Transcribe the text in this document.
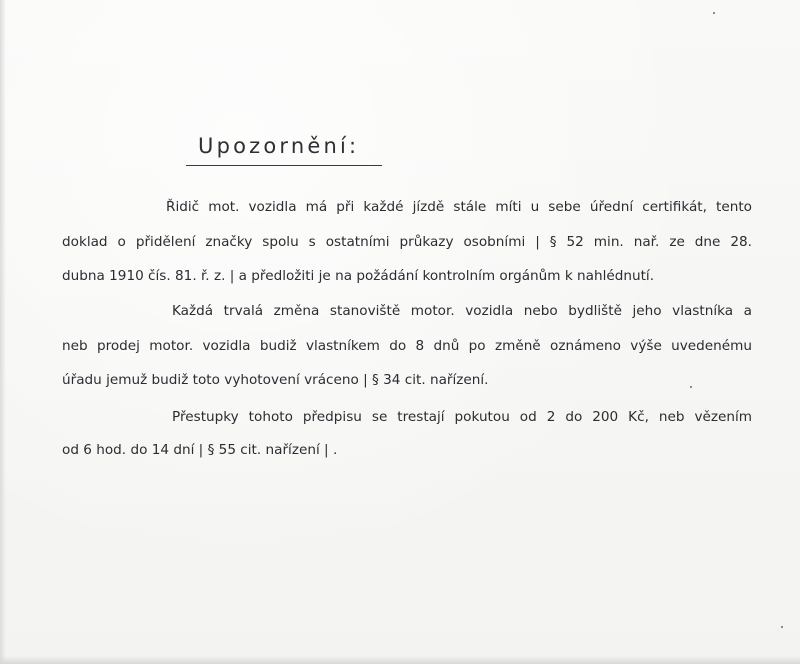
Upozornění:
Řidič mot. vozidla má při každé jízdě stále míti u sebe úřední certifikát, tento
doklad o přidělení značky spolu s ostatními průkazy osobními | § 52 min. nař. ze dne 28.
dubna 1910 čís. 81. ř. z. | a předložiti je na požádání kontrolním orgánům k nahlédnutí.
Každá trvalá změna stanoviště motor. vozidla nebo bydliště jeho vlastníka a
neb prodej motor. vozidla budiž vlastníkem do 8 dnů po změně oznámeno výše uvedenému
úřadu jemuž budiž toto vyhotovení vráceno | § 34 cit. nařízení.
Přestupky tohoto předpisu se trestají pokutou od 2 do 200 Kč, neb vězením
od 6 hod. do 14 dní | § 55 cit. nařízení | .
